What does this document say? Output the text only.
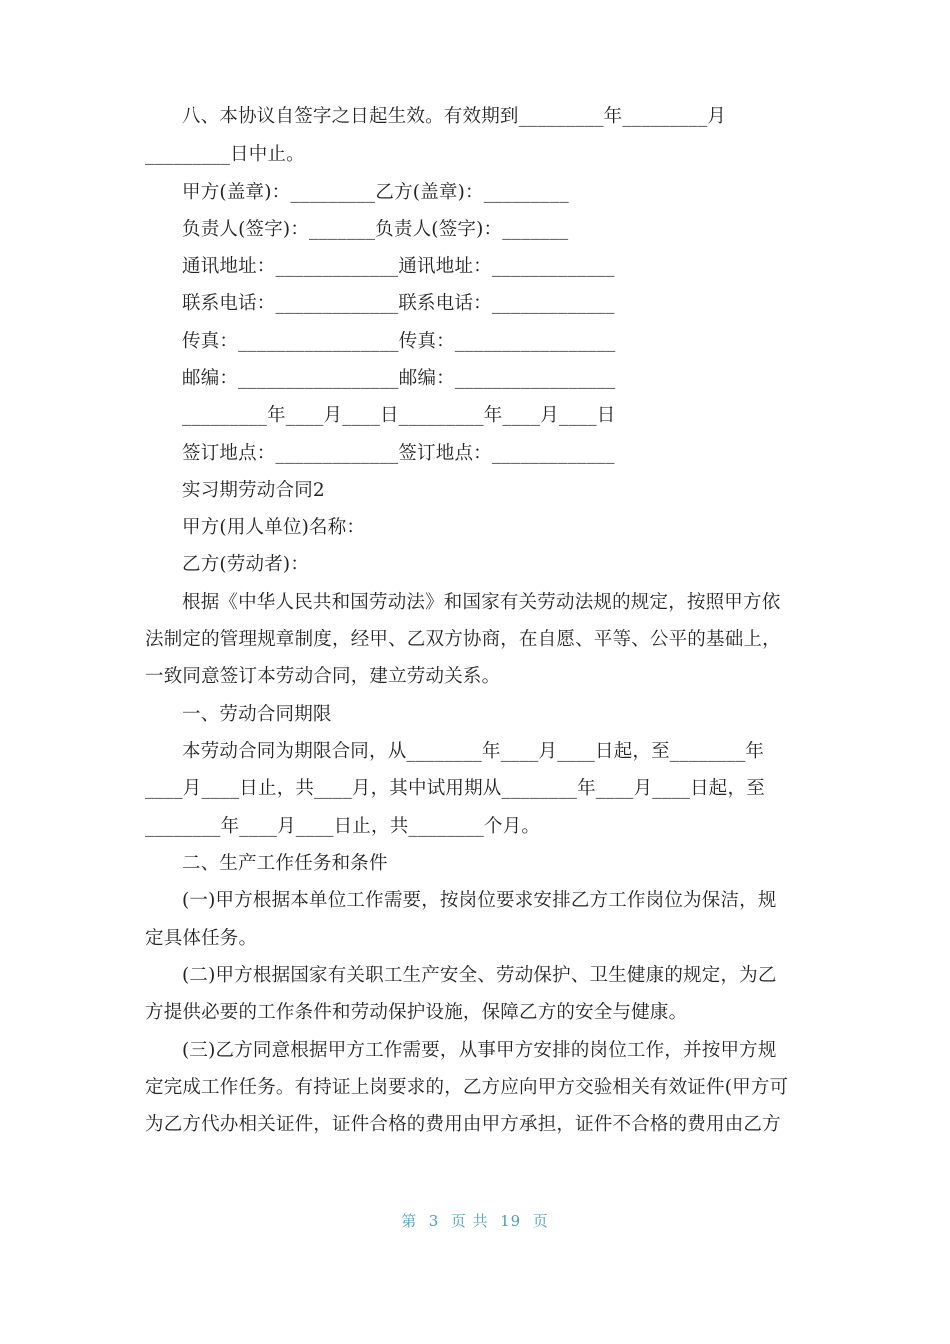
八、本协议自签字之日起生效。有效期到_________年_________月
_________日中止。
甲方(盖章)：_________乙方(盖章)：_________
负责人(签字)：_______负责人(签字)：_______
通讯地址：_____________通讯地址：_____________
联系电话：_____________联系电话：_____________
传真：_________________传真：_________________
邮编：_________________邮编：_________________
_________年____月____日_________年____月____日
签订地点：_____________签订地点：_____________
实习期劳动合同2
甲方(用人单位)名称：
乙方(劳动者)：
根据《中华人民共和国劳动法》和国家有关劳动法规的规定，按照甲方依
法制定的管理规章制度，经甲、乙双方协商，在自愿、平等、公平的基础上，
一致同意签订本劳动合同，建立劳动关系。
一、劳动合同期限
本劳动合同为期限合同，从________年____月____日起，至________年
____月____日止，共____月，其中试用期从________年____月____日起，至
________年____月____日止，共________个月。
二、生产工作任务和条件
(一)甲方根据本单位工作需要，按岗位要求安排乙方工作岗位为保洁，规
定具体任务。
(二)甲方根据国家有关职工生产安全、劳动保护、卫生健康的规定，为乙
方提供必要的工作条件和劳动保护设施，保障乙方的安全与健康。
(三)乙方同意根据甲方工作需要，从事甲方安排的岗位工作，并按甲方规
定完成工作任务。有持证上岗要求的，乙方应向甲方交验相关有效证件(甲方可
为乙方代办相关证件，证件合格的费用由甲方承担，证件不合格的费用由乙方
第  3  页 共  19  页
